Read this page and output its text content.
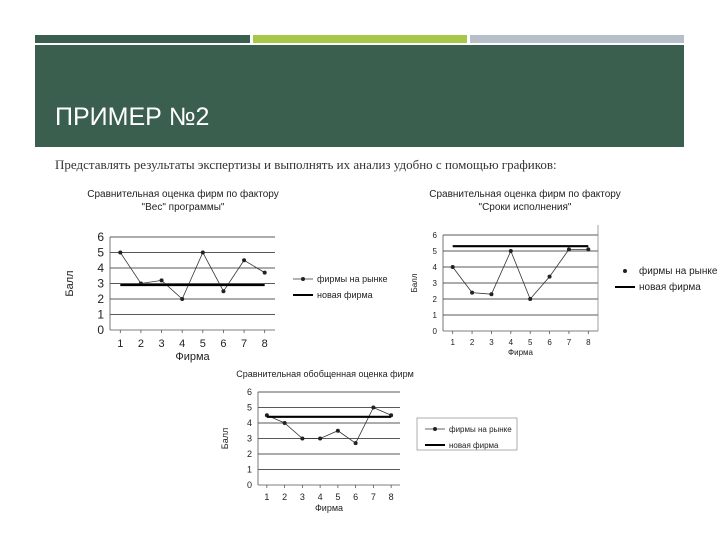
ПРИМЕР №2

Представлять результаты экспертизы и выполнять их анализ удобно с помощью графиков:

Сравнительная оценка фирм по фактору
"Вес" программы"
0
1
2
3
4
5
6
1 2 3 4 5 6 7 8
Фирма
Балл	фирмы на рынке
новая фирма
Сравнительная оценка фирм по фактору
"Сроки исполнения"
0
1
2
3
4
5
6
1 2 3 4 5 6 7 8
Фирма
Балл
фирмы на рынке
новая фирма
Сравнительная обобщенная оценка фирм
0
1
2
3
4
5
6
1 2 3 4 5 6 7 8
Фирма
Балл	фирмы на рынке
новая фирма
